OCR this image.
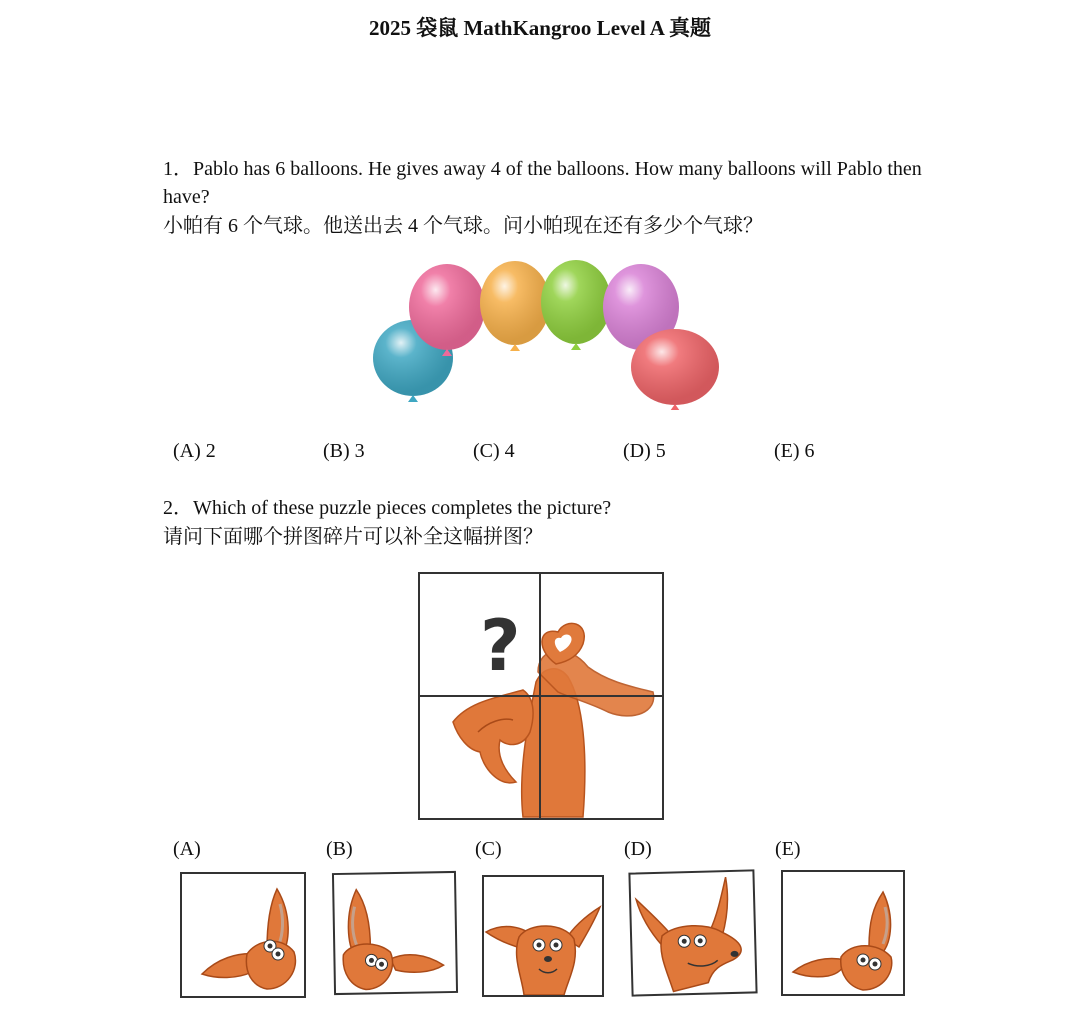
2025 袋鼠 MathKangroo Level A 真题
1．Pablo has 6 balloons. He gives away 4 of the balloons. How many balloons will Pablo then have?
小帕有 6 个气球。他送出去 4 个气球。问小帕现在还有多少个气球？
(A) 2	(B) 3	(C) 4	(D) 5	(E) 6
2．Which of these puzzle pieces completes the picture?
请问下面哪个拼图碎片可以补全这幅拼图？
?
(A)	(B)	(C)	(D)	(E)
